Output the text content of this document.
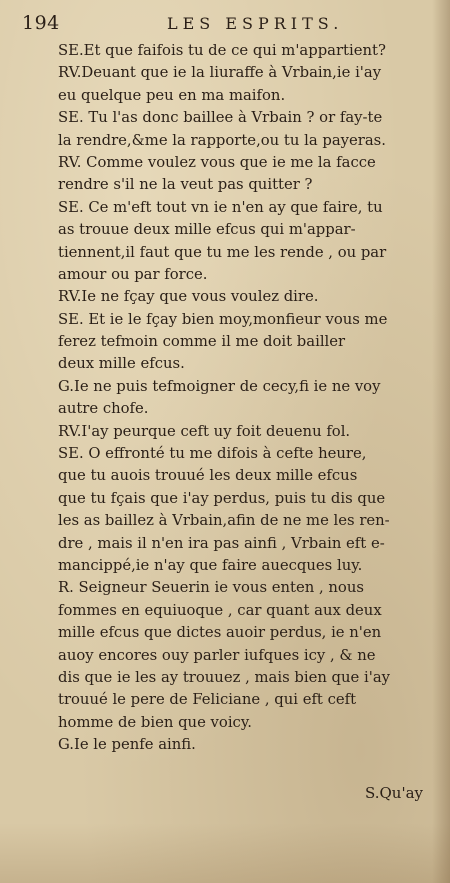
194	LES ESPRITS.
SE.Et que faifois tu de ce qui m'appartient?
RV.Deuant que ie la liuraffe à Vrbain,ie i'ay
eu quelque peu en ma maifon.
SE. Tu l'as donc baillee à Vrbain ? or fay-te
la rendre,&me la rapporte,ou tu la payeras.
RV. Comme voulez vous que ie me la facce
rendre s'il ne la veut pas quitter ?
SE. Ce m'eft tout vn ie n'en ay que faire, tu
as trouue deux mille efcus qui m'appar-
tiennent,il faut que tu me les rende , ou par
amour ou par force.
RV.Ie ne fçay que vous voulez dire.
SE. Et ie le fçay bien moy,monfieur vous me
ferez tefmoin comme il me doit bailler
deux mille efcus.
G.Ie ne puis tefmoigner de cecy,fi ie ne voy
autre chofe.
RV.I'ay peurque ceft uy foit deuenu fol.
SE. O effronté tu me difois à cefte heure,
que tu auois trouué les deux mille efcus
que tu fçais que i'ay perdus, puis tu dis que
les as baillez à Vrbain,afin de ne me les ren-
dre , mais il n'en ira pas ainfi , Vrbain eft e-
mancippé,ie n'ay que faire auecques luy.
R. Seigneur Seuerin ie vous enten , nous
fommes en equiuoque , car quant aux deux
mille efcus que dictes auoir perdus, ie n'en
auoy encores ouy parler iufques icy , & ne
dis que ie les ay trouuez , mais bien que i'ay
trouué le pere de Feliciane , qui eft ceft
homme de bien que voicy.
G.Ie le penfe ainfi.
S.Qu'ay
